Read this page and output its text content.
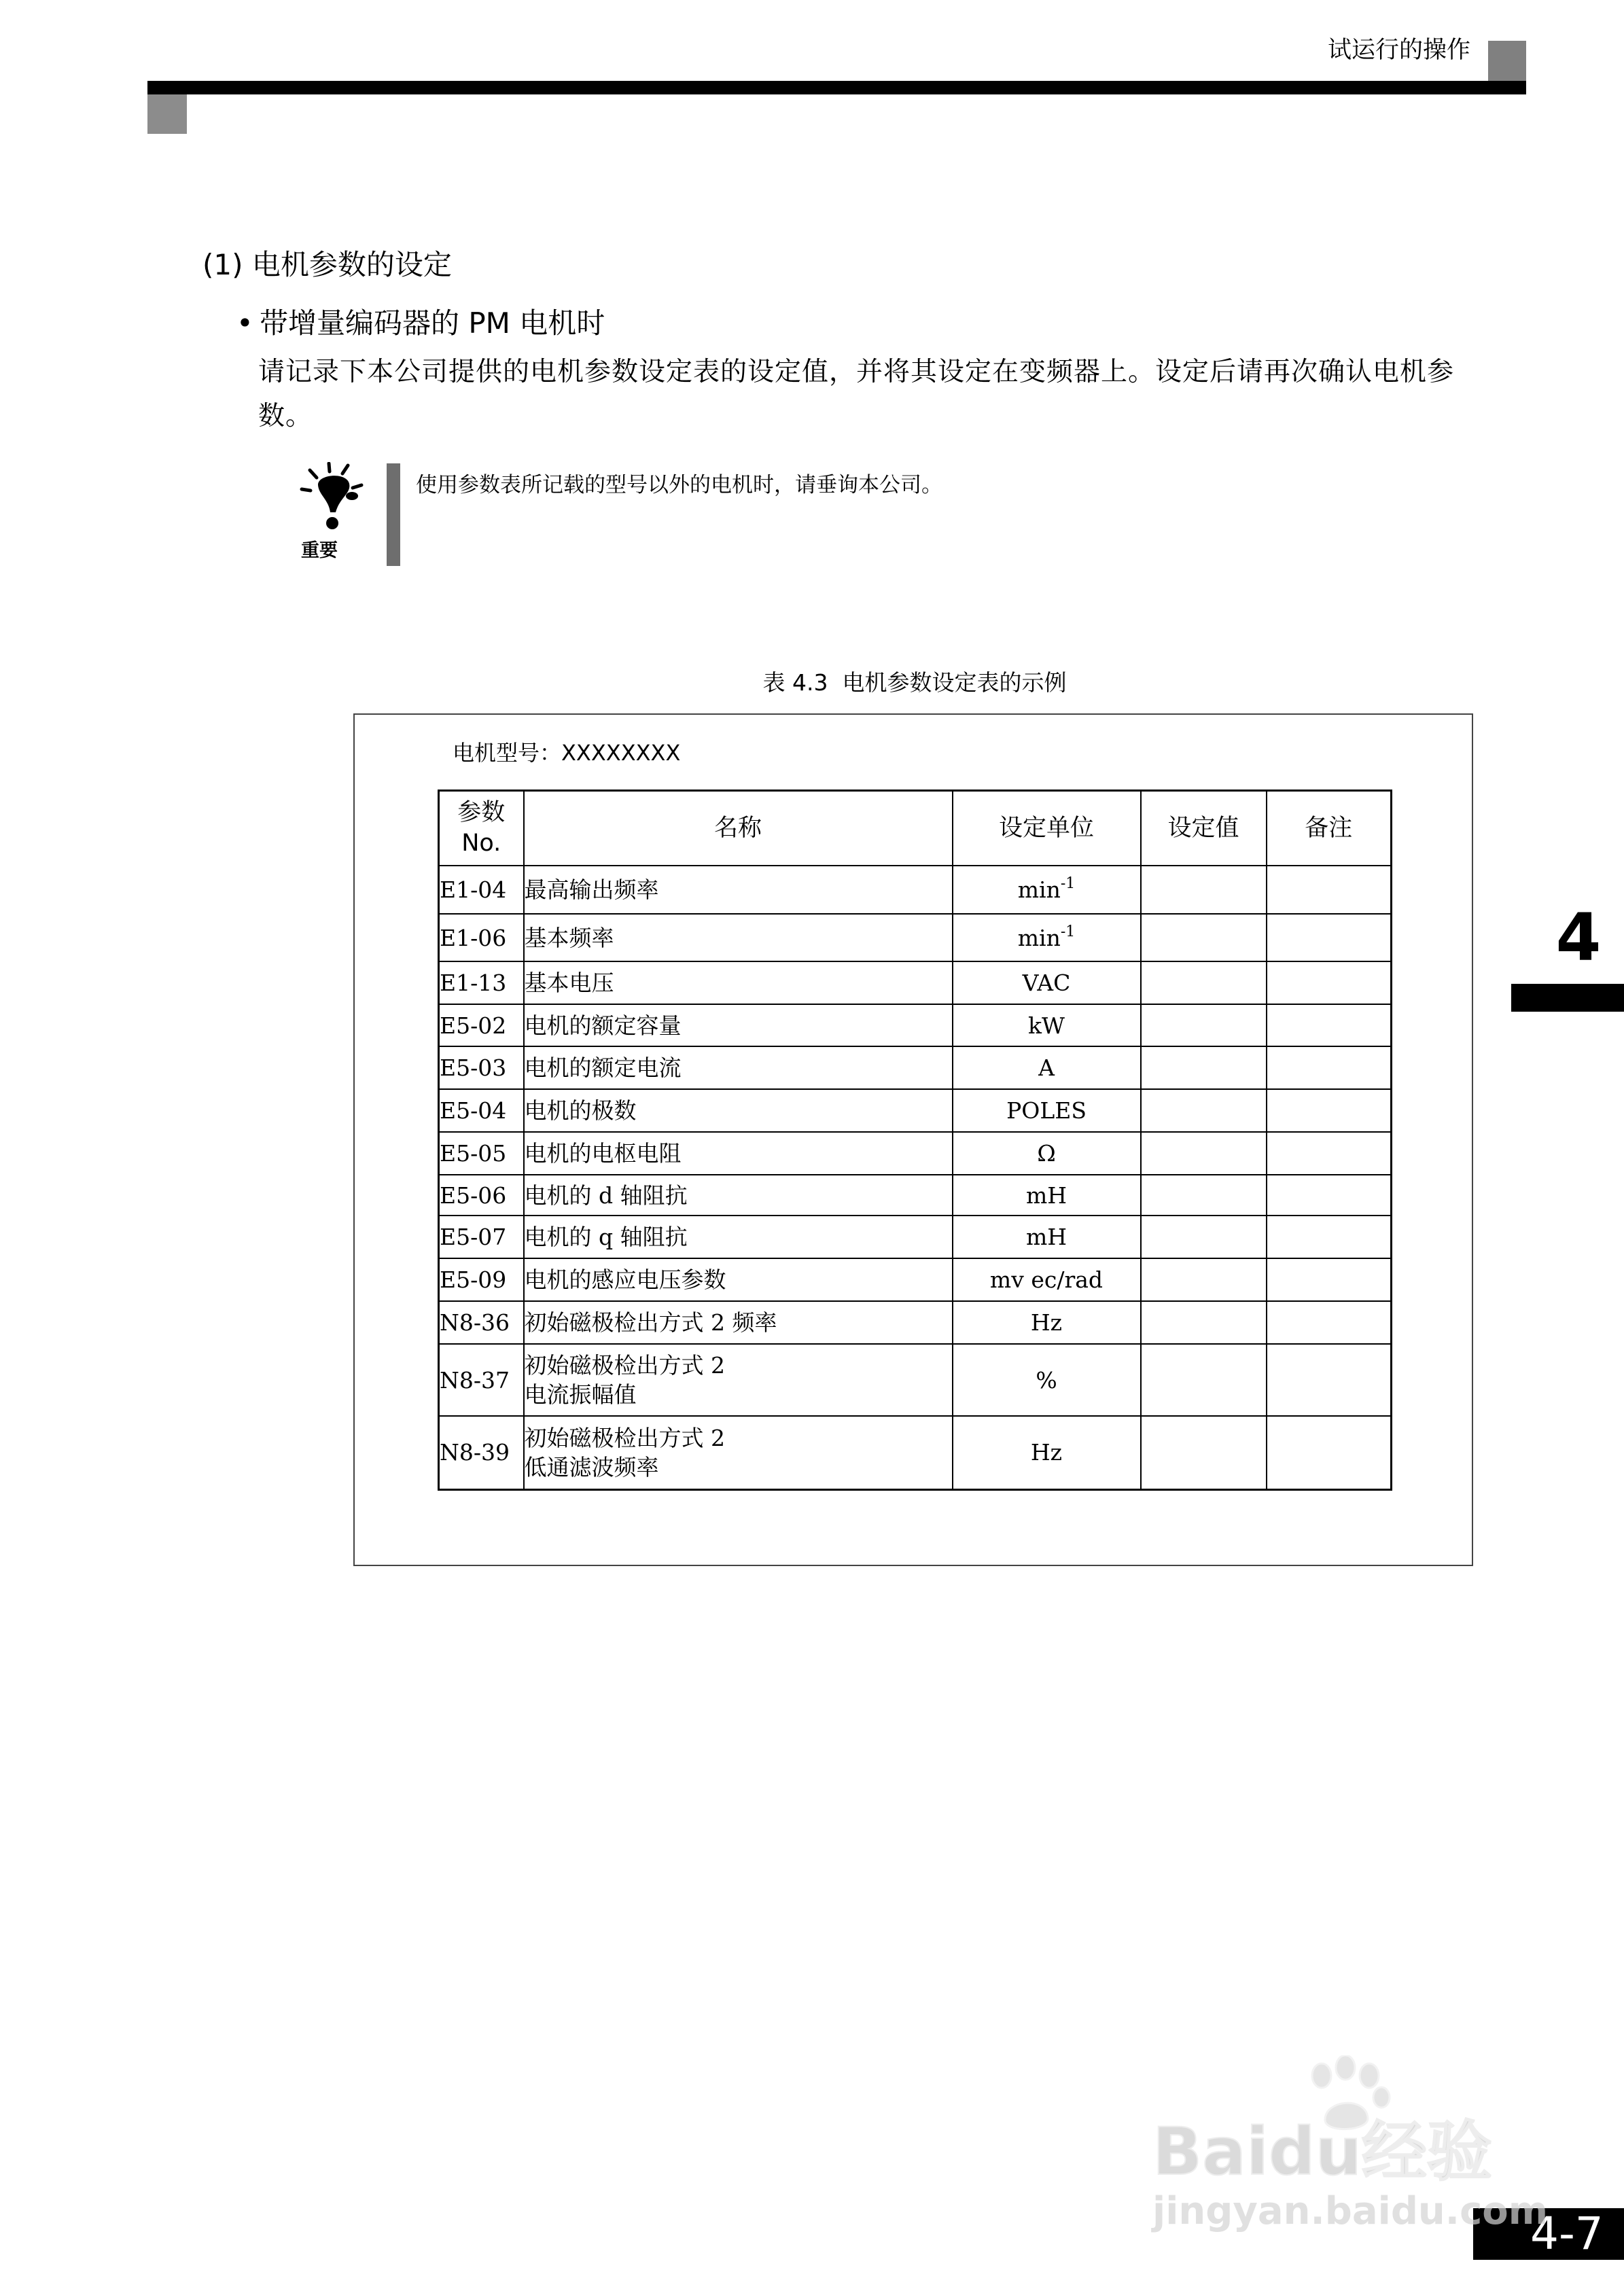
试运行的操作
(1) 电机参数的设定
• 带增量编码器的 PM 电机时
请记录下本公司提供的电机参数设定表的设定值，并将其设定在变频器上。设定后请再次确认电机参
数。
重要
使用参数表所记载的型号以外的电机时，请垂询本公司。
表 4.3  电机参数设定表的示例
电机型号：XXXXXXXX
参数
No.	名称	设定单位	设定值	备注
E1-04	最高输出频率	$\min^{-1}$		
E1-06	基本频率	$\min^{-1}$		
E1-13	基本电压	VAC		
E5-02	电机的额定容量	kW		
E5-03	电机的额定电流	A		
E5-04	电机的极数	POLES		
E5-05	电机的电枢电阻	Ω		
E5-06	电机的 d 轴阻抗	mH		
E5-07	电机的 q 轴阻抗	mH		
E5-09	电机的感应电压参数	mv ec/rad		
N8-36	初始磁极检出方式 2 频率	Hz		
N8-37	初始磁极检出方式 2
电流振幅值	%		
N8-39	初始磁极检出方式 2
低通滤波频率	Hz		
4
4-7
Baidu经验
jingyan.baidu.com
